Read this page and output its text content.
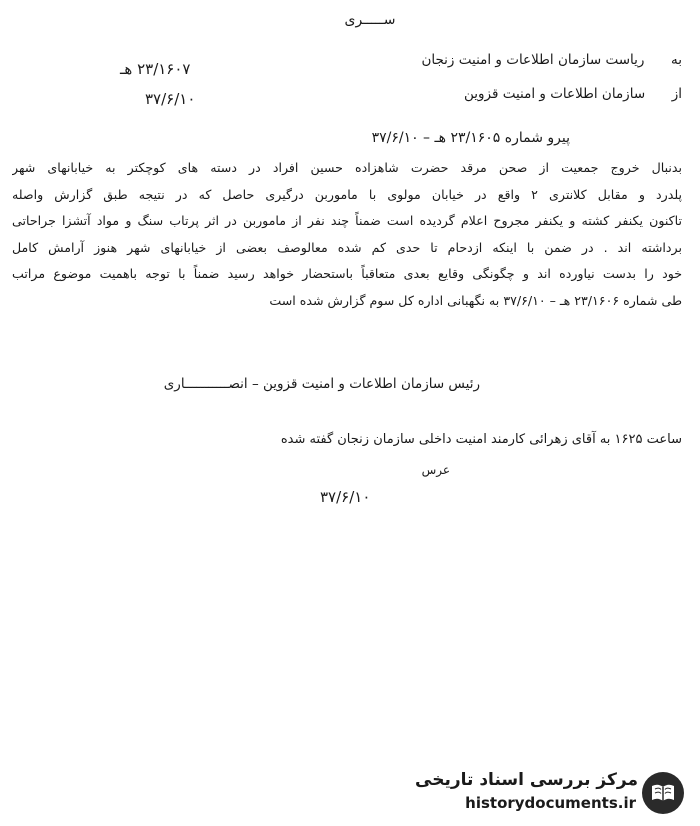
ســـــرى
به  ریاست سازمان اطلاعات و امنیت زنجان
از  سازمان اطلاعات و امنیت قزوین
۲۳/۱۶۰۷ هـ
۳۷/۶/۱۰
پیرو شماره ۲۳/۱۶۰۵ هـ – ۳۷/۶/۱۰
بدنبال خروج جمعیت از صحن مرقد حضرت شاهزاده حسین افراد در دسته های کوچکتر به خیابانهای شهر
پلدرد و مقابل کلانتری ۲ واقع در خیابان مولوی با ماموربن درگیری حاصل که در نتیجه طبق گزارش واصله
تاکنون یکنفر کشته و یکنفر مجروح اعلام گردیده است ضمناً چند نفر از ماموربن در اثر پرتاب سنگ و مواد آتشزا جراحاتی
برداشته اند . در ضمن با اینکه ازدحام تا حدی کم شده معالوصف بعضی از خیابانهای شهر هنوز آرامش کامل
خود را بدست نیاورده اند و چگونگی وقایع بعدی متعاقباً باستحضار خواهد رسید ضمناً با توجه باهمیت موضوع مراتب
طی شماره ۲۳/۱۶۰۶ هـ – ۳۷/۶/۱۰ به نگهبانی اداره کل سوم گزارش شده است
رئیس سازمان اطلاعات و امنیت قزوین – انصـــــــــــاری
ساعت ۱۶۲۵ به آقای زهرائی کارمند امنیت داخلی سازمان زنجان گفته شده
عرس
۳۷/۶/۱۰
مرکز بررسی اسناد تاریخی
historydocuments.ir
